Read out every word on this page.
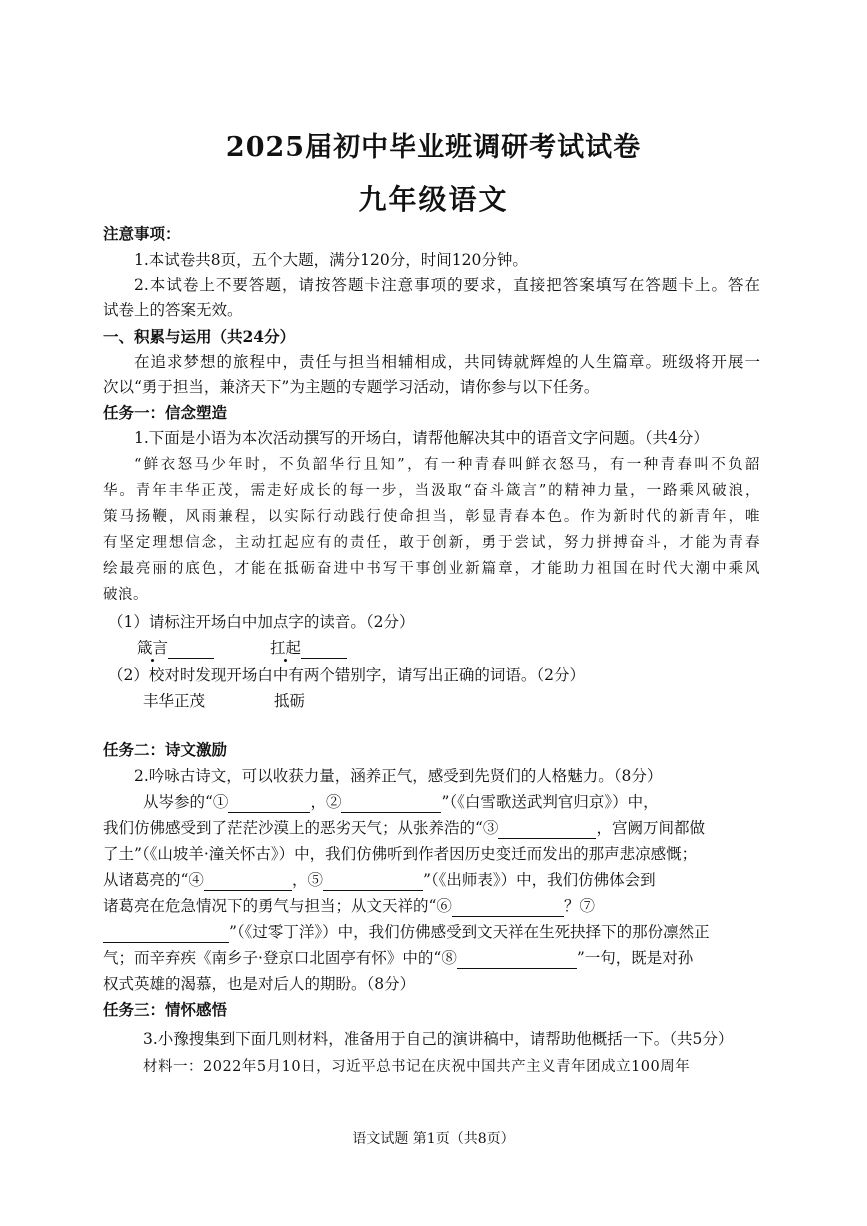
2025届初中毕业班调研考试试卷
九年级语文
注意事项：
1.本试卷共8页，五个大题，满分120分，时间120分钟。
2.本试卷上不要答题，请按答题卡注意事项的要求，直接把答案填写在答题卡上。答在
试卷上的答案无效。
一、积累与运用（共24分）
在追求梦想的旅程中，责任与担当相辅相成，共同铸就辉煌的人生篇章。班级将开展一
次以“勇于担当，兼济天下”为主题的专题学习活动，请你参与以下任务。
任务一：信念塑造
1.下面是小语为本次活动撰写的开场白，请帮他解决其中的语音文字问题。（共4分）
“鲜衣怒马少年时，不负韶华行且知”，有一种青春叫鲜衣怒马，有一种青春叫不负韶
华。青年丰华正茂，需走好成长的每一步，当汲取“奋斗箴言”的精神力量，一路乘风破浪，
策马扬鞭，风雨兼程，以实际行动践行使命担当，彰显青春本色。作为新时代的新青年，唯
有坚定理想信念，主动扛起应有的责任，敢于创新，勇于尝试，努力拼搏奋斗，才能为青春
绘最亮丽的底色，才能在抵砺奋进中书写干事创业新篇章，才能助力祖国在时代大潮中乘风
破浪。
（1）请标注开场白中加点字的读音。（2分）
箴言	扛起
（2）校对时发现开场白中有两个错别字，请写出正确的词语。（2分）
丰华正茂	抵砺
任务二：诗文激励
2.吟咏古诗文，可以收获力量，涵养正气，感受到先贤们的人格魅力。（8分）
从岑参的“①	，②	”（《白雪歌送武判官归京》）中，
我们仿佛感受到了茫茫沙漠上的恶劣天气；从张养浩的“③	，宫阙万间都做
了土”（《山坡羊·潼关怀古》）中，我们仿佛听到作者因历史变迁而发出的那声悲凉感慨；
从诸葛亮的“④	，⑤	”（《出师表》）中，我们仿佛体会到
诸葛亮在危急情况下的勇气与担当；从文天祥的“⑥	？⑦
”（《过零丁洋》）中，我们仿佛感受到文天祥在生死抉择下的那份凛然正
气；而辛弃疾《南乡子·登京口北固亭有怀》中的“⑧	”一句，既是对孙
权式英雄的渴慕，也是对后人的期盼。（8分）
任务三：情怀感悟
3.小豫搜集到下面几则材料，准备用于自己的演讲稿中，请帮助他概括一下。（共5分）
材料一：2022年5月10日，习近平总书记在庆祝中国共产主义青年团成立100周年
语文试题 第1页（共8页）
